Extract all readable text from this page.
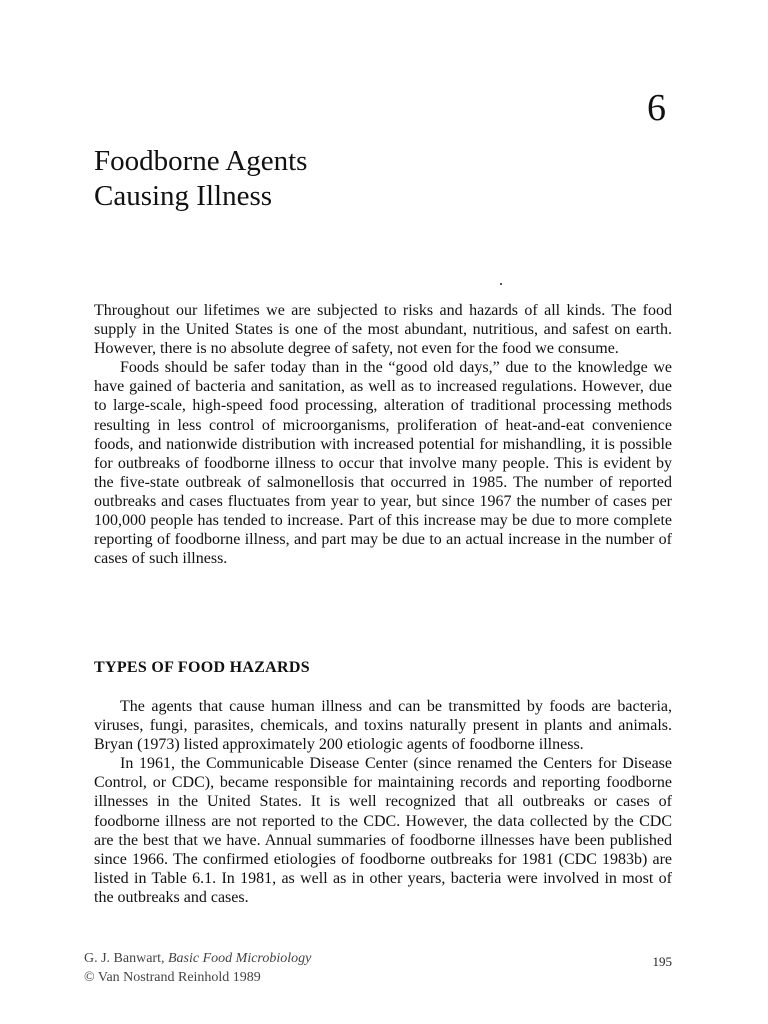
6
Foodborne Agents
Causing Illness

Throughout our lifetimes we are subjected to risks and hazards of all kinds. The food supply in the United States is one of the most abundant, nutritious, and safest on earth. However, there is no absolute degree of safety, not even for the food we consume.

Foods should be safer today than in the “good old days,” due to the knowledge we have gained of bacteria and sanitation, as well as to increased regulations. However, due to large-scale, high-speed food processing, alteration of traditional processing methods resulting in less control of microorganisms, proliferation of heat-and-eat convenience foods, and nationwide distribution with increased potential for mishandling, it is possible for outbreaks of foodborne illness to occur that involve many people. This is evident by the five-state outbreak of salmonellosis that occurred in 1985. The number of reported outbreaks and cases fluctuates from year to year, but since 1967 the number of cases per 100,000 people has tended to increase. Part of this increase may be due to more complete reporting of foodborne illness, and part may be due to an actual increase in the number of cases of such illness.

TYPES OF FOOD HAZARDS

The agents that cause human illness and can be transmitted by foods are bacteria, viruses, fungi, parasites, chemicals, and toxins naturally present in plants and animals. Bryan (1973) listed approximately 200 etiologic agents of foodborne illness.

In 1961, the Communicable Disease Center (since renamed the Centers for Disease Control, or CDC), became responsible for maintaining records and reporting foodborne illnesses in the United States. It is well recognized that all outbreaks or cases of foodborne illness are not reported to the CDC. However, the data collected by the CDC are the best that we have. Annual summaries of foodborne illnesses have been published since 1966. The confirmed etiologies of foodborne outbreaks for 1981 (CDC 1983b) are listed in Table 6.1. In 1981, as well as in other years, bacteria were involved in most of the outbreaks and cases.

G. J. Banwart, Basic Food Microbiology
© Van Nostrand Reinhold 1989
195
